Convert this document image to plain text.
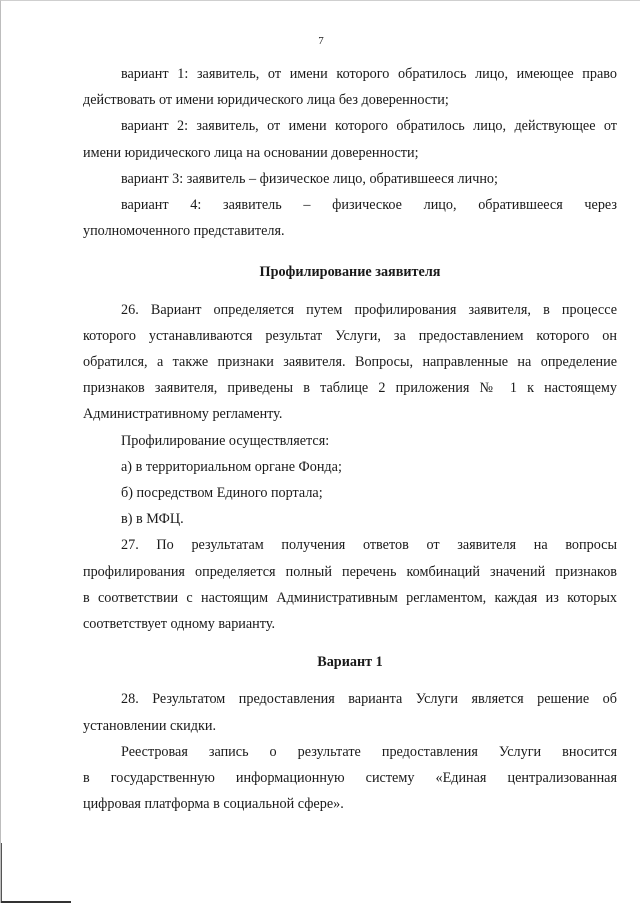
7
вариант 1: заявитель, от имени которого обратилось лицо, имеющее право
действовать от имени юридического лица без доверенности;
вариант 2: заявитель, от имени которого обратилось лицо, действующее от
имени юридического лица на основании доверенности;
вариант 3: заявитель – физическое лицо, обратившееся лично;
вариант 4: заявитель – физическое лицо, обратившееся через
уполномоченного представителя.

Профилирование заявителя

26. Вариант определяется путем профилирования заявителя, в процессе
которого устанавливаются результат Услуги, за предоставлением которого он
обратился, а также признаки заявителя. Вопросы, направленные на определение
признаков заявителя, приведены в таблице 2 приложения № 1 к настоящему
Административному регламенту.
Профилирование осуществляется:
а) в территориальном органе Фонда;
б) посредством Единого портала;
в) в МФЦ.
27. По результатам получения ответов от заявителя на вопросы
профилирования определяется полный перечень комбинаций значений признаков
в соответствии с настоящим Административным регламентом, каждая из которых
соответствует одному варианту.

Вариант 1

28. Результатом предоставления варианта Услуги является решение об
установлении скидки.
Реестровая запись о результате предоставления Услуги вносится
в государственную информационную систему «Единая централизованная
цифровая платформа в социальной сфере».
